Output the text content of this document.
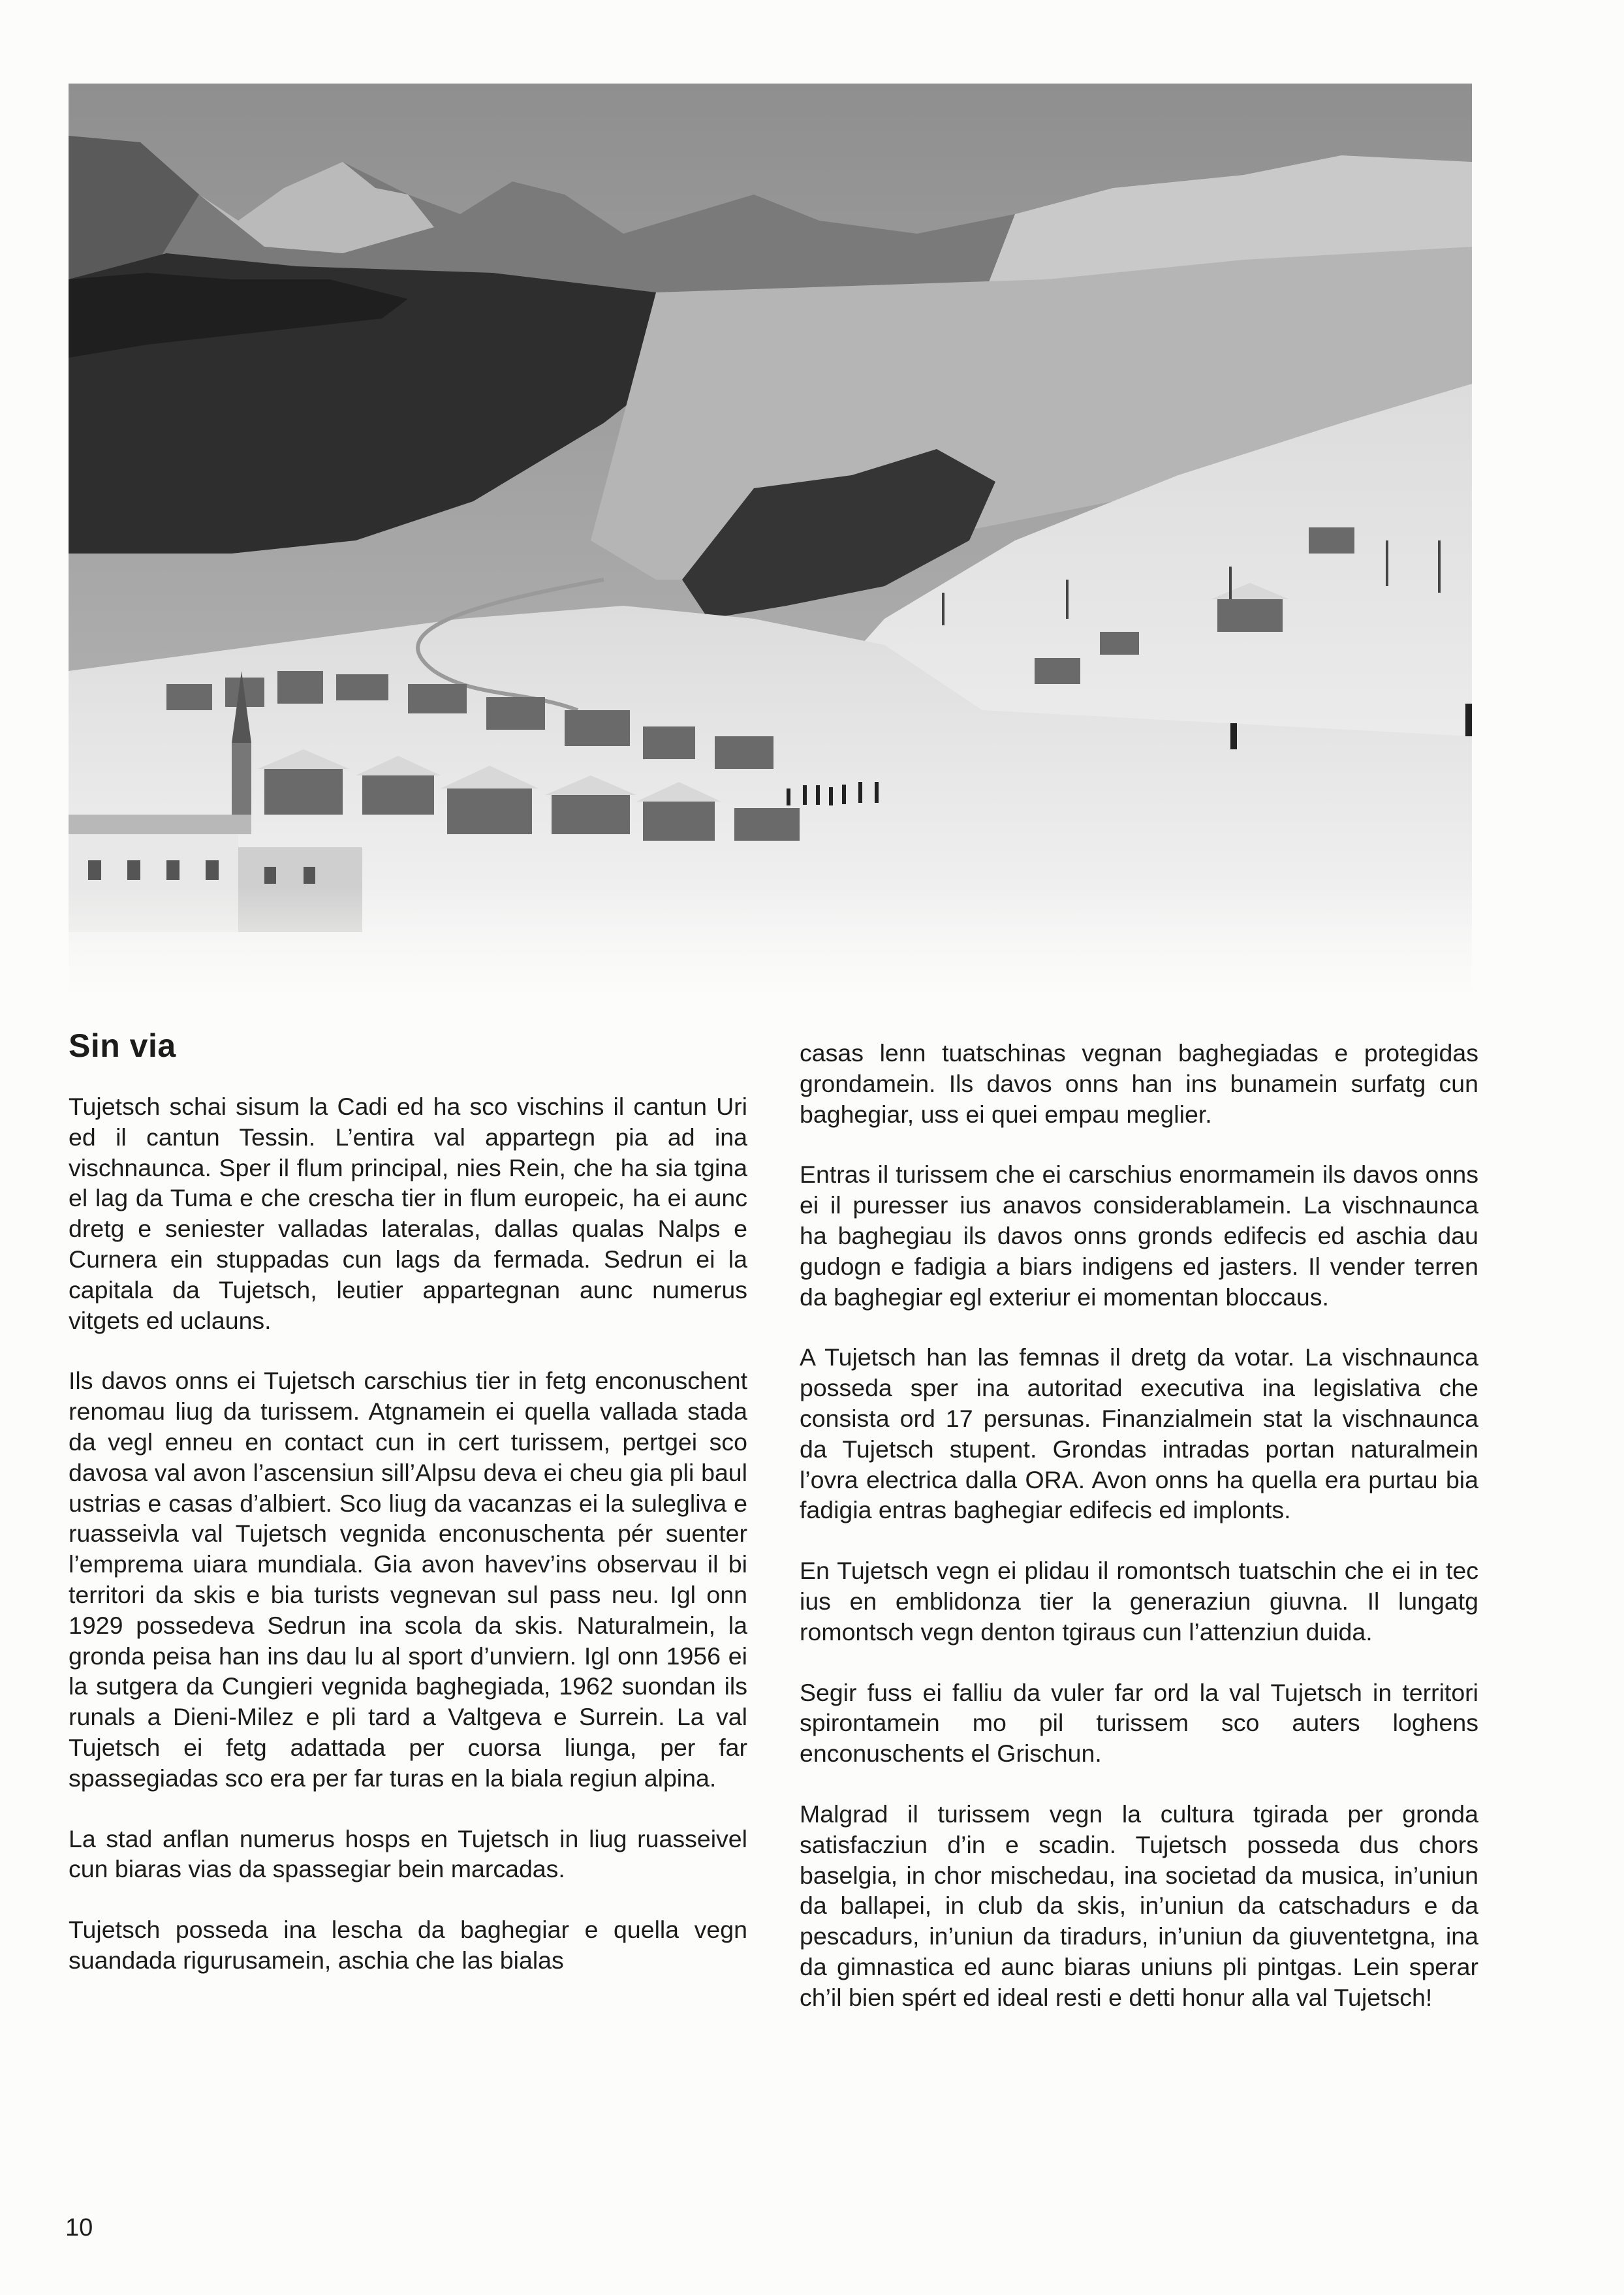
Sin via

Tujetsch schai sisum la Cadi ed ha sco vischins il cantun Uri ed il cantun Tessin. L’entira val appartegn pia ad ina vischnaunca. Sper il flum principal, nies Rein, che ha sia tgina el lag da Tuma e che crescha tier in flum europeic, ha ei aunc dretg e seniester valladas lateralas, dallas qualas Nalps e Curnera ein stuppadas cun lags da fermada. Sedrun ei la capitala da Tujetsch, leutier appartegnan aunc numerus vitgets ed uclauns.

Ils davos onns ei Tujetsch carschius tier in fetg enconuschent renomau liug da turissem. Atgnamein ei quella vallada stada da vegl enneu en contact cun in cert turissem, pertgei sco davosa val avon l’ascensiun sill’Alpsu deva ei cheu gia pli baul ustrias e casas d’albiert. Sco liug da vacanzas ei la sulegliva e ruasseivla val Tujetsch vegnida enconuschenta pér suenter l’emprema uiara mundiala. Gia avon havev’ins observau il bi territori da skis e bia turists vegnevan sul pass neu. Igl onn 1929 possedeva Sedrun ina scola da skis. Naturalmein, la gronda peisa han ins dau lu al sport d’unviern. Igl onn 1956 ei la sutgera da Cungieri vegnida baghegiada, 1962 suondan ils runals a Dieni-Milez e pli tard a Valtgeva e Surrein. La val Tujetsch ei fetg adattada per cuorsa liunga, per far spassegiadas sco era per far turas en la biala regiun alpina.

La stad anflan numerus hosps en Tujetsch in liug ruasseivel cun biaras vias da spassegiar bein marcadas.

Tujetsch posseda ina lescha da baghegiar e quella vegn suandada rigurusamein, aschia che las bialas

casas lenn tuatschinas vegnan baghegiadas e protegidas grondamein. Ils davos onns han ins bunamein surfatg cun baghegiar, uss ei quei empau meglier.

Entras il turissem che ei carschius enormamein ils davos onns ei il puresser ius anavos considerablamein. La vischnaunca ha baghegiau ils davos onns gronds edifecis ed aschia dau gudogn e fadigia a biars indigens ed jasters. Il vender terren da baghegiar egl exteriur ei momentan bloccaus.

A Tujetsch han las femnas il dretg da votar. La vischnaunca posseda sper ina autoritad executiva ina legislativa che consista ord 17 persunas. Finanzialmein stat la vischnaunca da Tujetsch stupent. Grondas intradas portan naturalmein l’ovra electrica dalla ORA. Avon onns ha quella era purtau bia fadigia entras baghegiar edifecis ed implonts.

En Tujetsch vegn ei plidau il romontsch tuatschin che ei in tec ius en emblidonza tier la generaziun giuvna. Il lungatg romontsch vegn denton tgiraus cun l’attenziun duida.

Segir fuss ei falliu da vuler far ord la val Tujetsch in territori spirontamein mo pil turissem sco auters loghens enconuschents el Grischun.

Malgrad il turissem vegn la cultura tgirada per gronda satisfacziun d’in e scadin. Tujetsch posseda dus chors baselgia, in chor mischedau, ina societad da musica, in’uniun da ballapei, in club da skis, in’uniun da catschadurs e da pescadurs, in’uniun da tiradurs, in’uniun da giuventetgna, ina da gimnastica ed aunc biaras uniuns pli pintgas. Lein sperar ch’il bien spért ed ideal resti e detti honur alla val Tujetsch!

10
